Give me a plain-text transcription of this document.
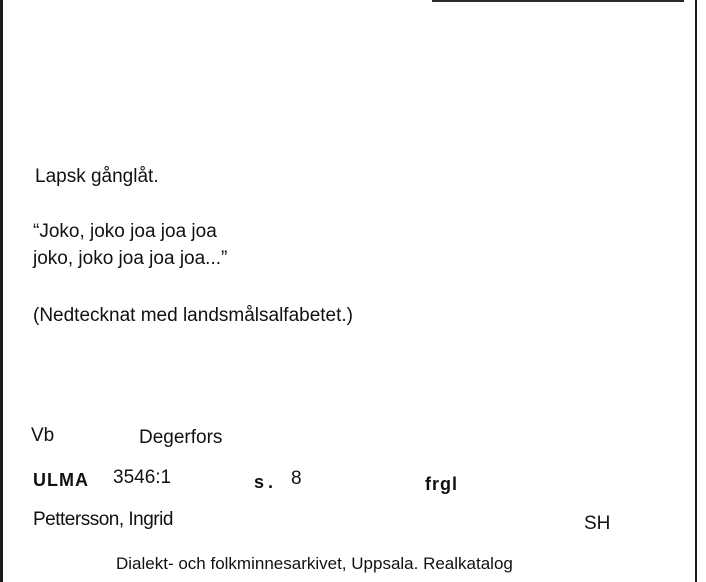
Lapsk gånglåt.
“Joko, joko joa joa joa
joko, joko joa joa joa...”
(Nedtecknat med landsmålsalfabetet.)
Vb	Degerfors
ULMA 3546:1	s. 8	frgl
Pettersson, Ingrid	SH
Dialekt- och folkminnesarkivet, Uppsala. Realkatalog
